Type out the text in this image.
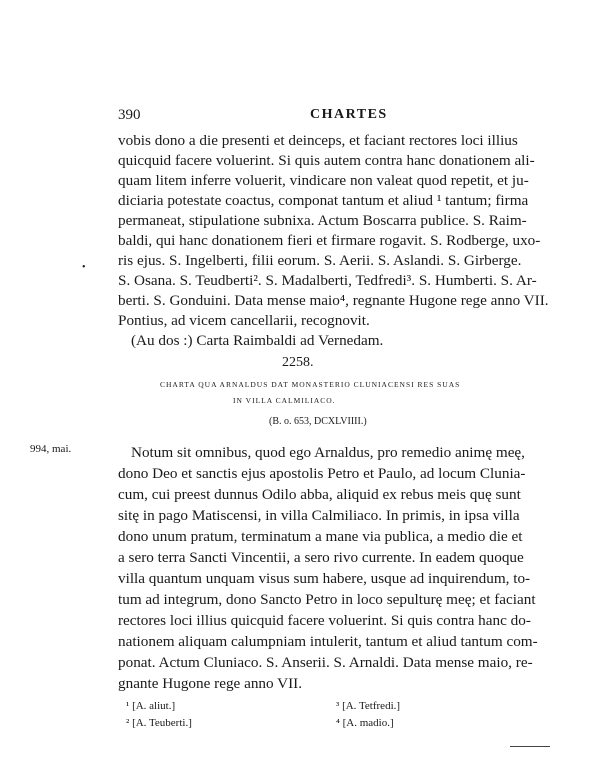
390	CHARTES
vobis dono a die presenti et deinceps, et faciant rectores loci illius
quicquid facere voluerint. Si quis autem contra hanc donationem ali-
quam litem inferre voluerit, vindicare non valeat quod repetit, et ju-
diciaria potestate coactus, componat tantum et aliud ¹ tantum; firma
permaneat, stipulatione subnixa. Actum Boscarra publice. S. Raim-
baldi, qui hanc donationem fieri et firmare rogavit. S. Rodberge, uxo-
ris ejus. S. Ingelberti, filii eorum. S. Aerii. S. Aslandi. S. Girberge.
S. Osana. S. Teudberti². S. Madalberti, Tedfredi³. S. Humberti. S. Ar-
berti. S. Gonduini. Data mense maio⁴, regnante Hugone rege anno VII.
Pontius, ad vicem cancellarii, recognovit.
(Au dos :) Carta Raimbaldi ad Vernedam.
•
2258.
CHARTA QUA ARNALDUS DAT MONASTERIO CLUNIACENSI RES SUAS
IN VILLA CALMILIACO.
(B. o. 653, DCXLVIIII.)
994, mai.	Notum sit omnibus, quod ego Arnaldus, pro remedio animę meę,
dono Deo et sanctis ejus apostolis Petro et Paulo, ad locum Clunia-
cum, cui preest dunnus Odilo abba, aliquid ex rebus meis quę sunt
sitę in pago Matiscensi, in villa Calmiliaco. In primis, in ipsa villa
dono unum pratum, terminatum a mane via publica, a medio die et
a sero terra Sancti Vincentii, a sero rivo currente. In eadem quoque
villa quantum unquam visus sum habere, usque ad inquirendum, to-
tum ad integrum, dono Sancto Petro in loco sepulturę meę; et faciant
rectores loci illius quicquid facere voluerint. Si quis contra hanc do-
nationem aliquam calumpniam intulerit, tantum et aliud tantum com-
ponat. Actum Cluniaco. S. Anserii. S. Arnaldi. Data mense maio, re-
gnante Hugone rege anno VII.
¹ [A. aliut.]
² [A. Teuberti.]
³ [A. Tetfredi.]
⁴ [A. madio.]
